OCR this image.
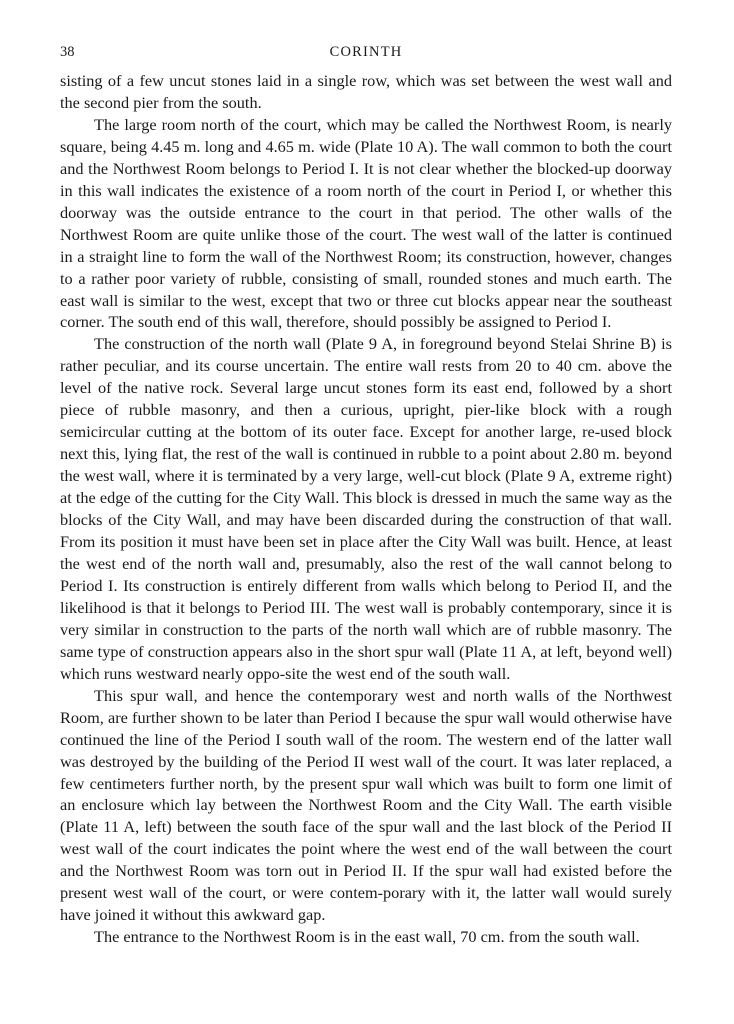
38	CORINTH

sisting of a few uncut stones laid in a single row, which was set between the west wall and the second pier from the south.

The large room north of the court, which may be called the Northwest Room, is nearly square, being 4.45 m. long and 4.65 m. wide (Plate 10 A). The wall common to both the court and the Northwest Room belongs to Period I. It is not clear whether the blocked-up doorway in this wall indicates the existence of a room north of the court in Period I, or whether this doorway was the outside entrance to the court in that period. The other walls of the Northwest Room are quite unlike those of the court. The west wall of the latter is continued in a straight line to form the wall of the Northwest Room; its construction, however, changes to a rather poor variety of rubble, consisting of small, rounded stones and much earth. The east wall is similar to the west, except that two or three cut blocks appear near the southeast corner. The south end of this wall, therefore, should possibly be assigned to Period I.

The construction of the north wall (Plate 9 A, in foreground beyond Stelai Shrine B) is rather peculiar, and its course uncertain. The entire wall rests from 20 to 40 cm. above the level of the native rock. Several large uncut stones form its east end, followed by a short piece of rubble masonry, and then a curious, upright, pier-like block with a rough semicircular cutting at the bottom of its outer face. Except for another large, re-used block next this, lying flat, the rest of the wall is continued in rubble to a point about 2.80 m. beyond the west wall, where it is terminated by a very large, well-cut block (Plate 9 A, extreme right) at the edge of the cutting for the City Wall. This block is dressed in much the same way as the blocks of the City Wall, and may have been discarded during the construction of that wall. From its position it must have been set in place after the City Wall was built. Hence, at least the west end of the north wall and, presumably, also the rest of the wall cannot belong to Period I. Its construction is entirely different from walls which belong to Period II, and the likelihood is that it belongs to Period III. The west wall is probably contemporary, since it is very similar in construction to the parts of the north wall which are of rubble masonry. The same type of construction appears also in the short spur wall (Plate 11 A, at left, beyond well) which runs westward nearly oppo-site the west end of the south wall.

This spur wall, and hence the contemporary west and north walls of the Northwest Room, are further shown to be later than Period I because the spur wall would otherwise have continued the line of the Period I south wall of the room. The western end of the latter wall was destroyed by the building of the Period II west wall of the court. It was later replaced, a few centimeters further north, by the present spur wall which was built to form one limit of an enclosure which lay between the Northwest Room and the City Wall. The earth visible (Plate 11 A, left) between the south face of the spur wall and the last block of the Period II west wall of the court indicates the point where the west end of the wall between the court and the Northwest Room was torn out in Period II. If the spur wall had existed before the present west wall of the court, or were contem-porary with it, the latter wall would surely have joined it without this awkward gap.

The entrance to the Northwest Room is in the east wall, 70 cm. from the south wall.
